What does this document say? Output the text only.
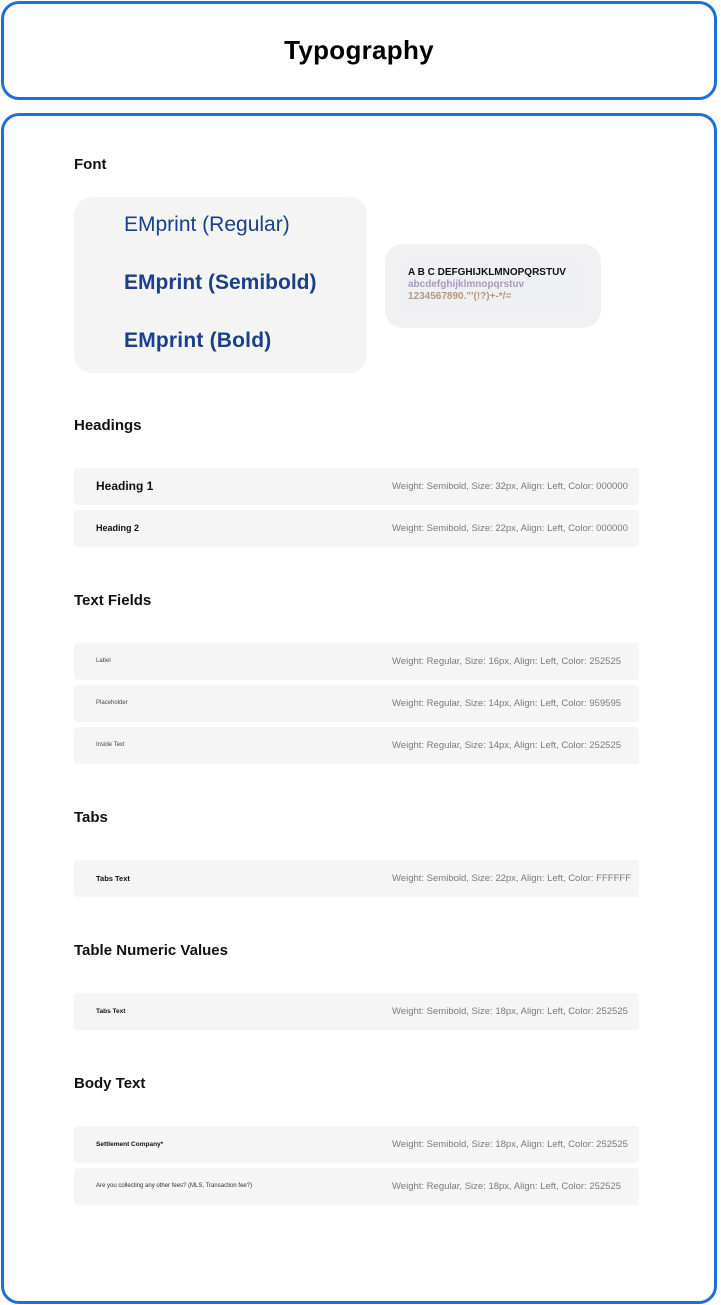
Typography
Font
EMprint (Regular)
EMprint (Semibold)
EMprint (Bold)
A B C DEFGHIJKLMNOPQRSTUV
abcdefghijklmnopqrstuv
1234567890."'(!?)+-*/=
Headings
Heading 1	Weight: Semibold, Size: 32px, Align: Left, Color: 000000
Heading 2	Weight: Semibold, Size: 22px, Align: Left, Color: 000000
Text Fields
Label	Weight: Regular, Size: 16px, Align: Left, Color: 252525
Placeholder	Weight: Regular, Size: 14px, Align: Left, Color: 959595
Inside Text	Weight: Regular, Size: 14px, Align: Left, Color: 252525
Tabs
Tabs Text	Weight: Semibold, Size: 22px, Align: Left, Color: FFFFFF
Table Numeric Values
Tabs Text	Weight: Semibold, Size: 18px, Align: Left, Color: 252525
Body Text
Settlement Company*	Weight: Semibold, Size: 18px, Align: Left, Color: 252525
Are you collecting any other fees? (MLS, Transaction fee?)	Weight: Regular, Size: 18px, Align: Left, Color: 252525
